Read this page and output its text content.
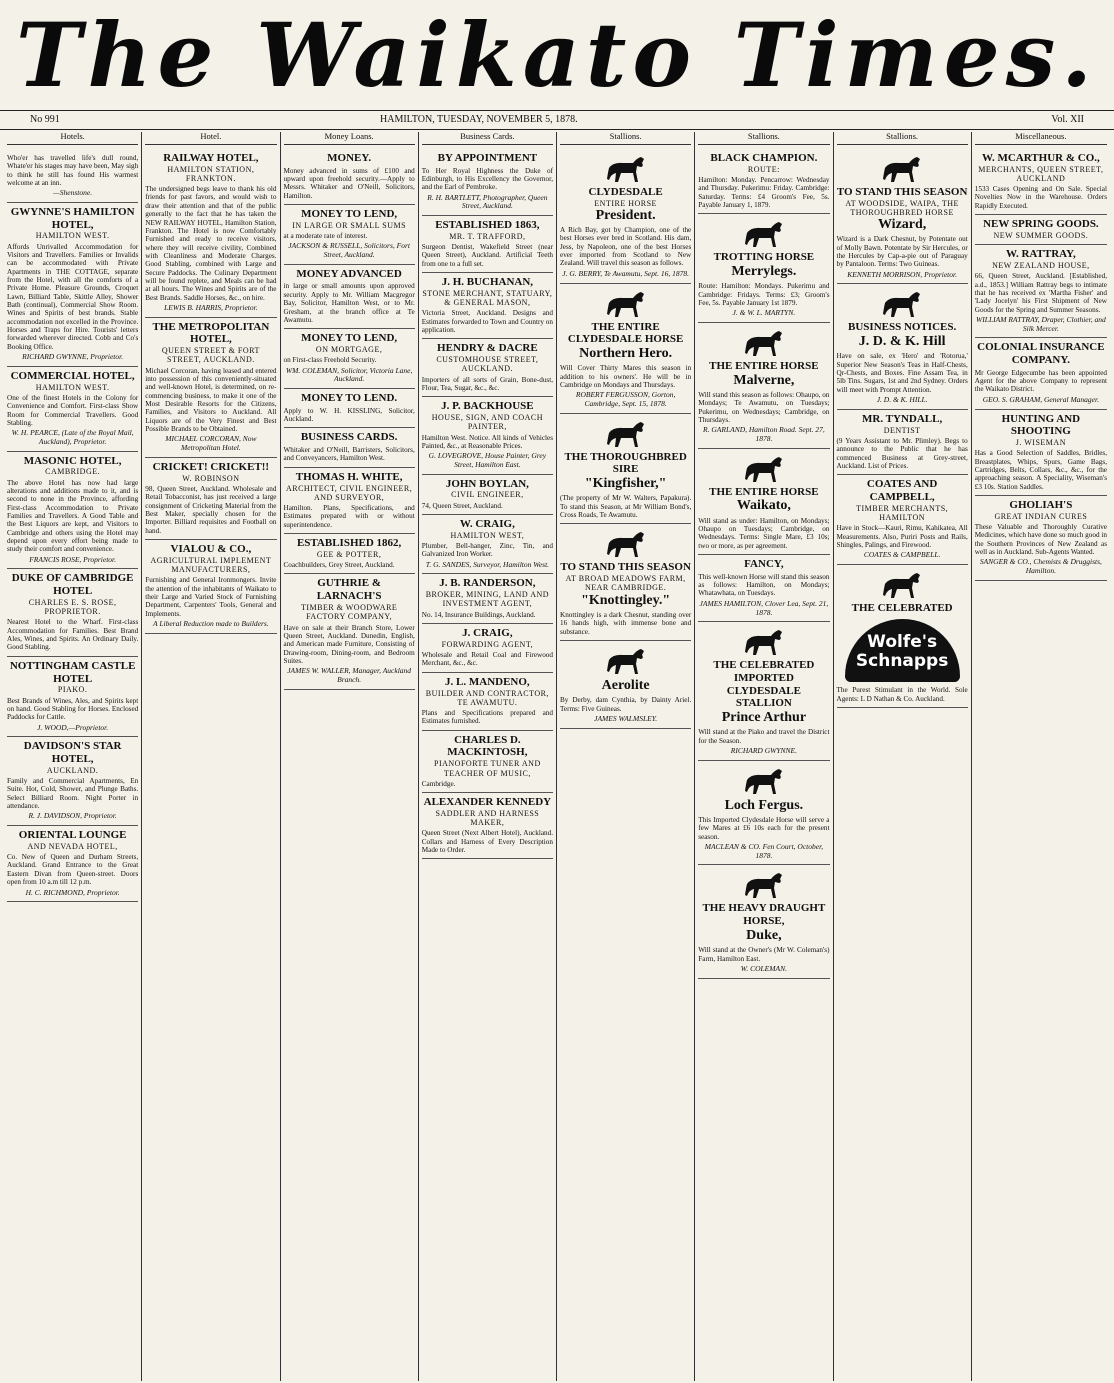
The Waikato Times.
No 991	HAMILTON, TUESDAY, NOVEMBER 5, 1878.	Vol. XII
Hotels.
Who'er has travelled life's dull round, Whate'er his stages may have been, May sigh to think he still has found His warmest welcome at an inn.
—Shenstone.
GWYNNE'S HAMILTON HOTEL,
HAMILTON WEST.
Affords Unrivalled Accommodation for Visitors and Travellers. Families or Invalids can be accommodated with Private Apartments in THE COTTAGE, separate from the Hotel, with all the comforts of a Private Home. Pleasure Grounds, Croquet Lawn, Billiard Table, Skittle Alley, Shower Bath (continual), Commercial Show Room. Wines and Spirits of best brands. Stable accommodation not excelled in the Province. Horses and Traps for Hire. Tourists' letters forwarded wherever directed. Cobb and Co's Booking Office.
RICHARD GWYNNE, Proprietor.
COMMERCIAL HOTEL,
HAMILTON WEST.
One of the finest Hotels in the Colony for Convenience and Comfort. First-class Show Room for Commercial Travellers. Good Stabling.
W. H. PEARCE, (Late of the Royal Mail, Auckland), Proprietor.
MASONIC HOTEL,
CAMBRIDGE.
The above Hotel has now had large alterations and additions made to it, and is second to none in the Province, affording First-class Accommodation to Private Families and Travellers. A Good Table and the Best Liquors are kept, and Visitors to Cambridge and others using the Hotel may depend upon every effort being made to study their comfort and convenience.
FRANCIS ROSE, Proprietor.
DUKE OF CAMBRIDGE HOTEL
CHARLES E. S. ROSE, PROPRIETOR.
Nearest Hotel to the Wharf. First-class Accommodation for Families. Best Brand Ales, Wines, and Spirits. An Ordinary Daily. Good Stabling.
NOTTINGHAM CASTLE HOTEL
PIAKO.
Best Brands of Wines, Ales, and Spirits kept on hand. Good Stabling for Horses. Enclosed Paddocks for Cattle.
J. WOOD,—Proprietor.
DAVIDSON'S STAR HOTEL,
AUCKLAND.
Family and Commercial Apartments, En Suite. Hot, Cold, Shower, and Plunge Baths. Select Billiard Room. Night Porter in attendance.
R. J. DAVIDSON, Proprietor.
ORIENTAL LOUNGE
AND NEVADA HOTEL,
Co. New of Queen and Durham Streets, Auckland. Grand Entrance to the Great Eastern Divan from Queen-street. Doors open from 10 a.m till 12 p.m.
H. C. RICHMOND, Proprietor.
Hotel.
RAILWAY HOTEL,
HAMILTON STATION, FRANKTON.
The undersigned begs leave to thank his old friends for past favors, and would wish to draw their attention and that of the public generally to the fact that he has taken the NEW RAILWAY HOTEL, Hamilton Station, Frankton. The Hotel is now Comfortably Furnished and ready to receive visitors, where they will receive civility, Combined with Cleanliness and Moderate Charges. Good Stabling, combined with Large and Secure Paddocks. The Culinary Department will be found replete, and Meals can be had at all hours. The Wines and Spirits are of the Best Brands. Saddle Horses, &c., on hire.
LEWIS B. HARRIS, Proprietor.
THE METROPOLITAN HOTEL,
QUEEN STREET & FORT STREET, AUCKLAND.
Michael Corcoran, having leased and entered into possession of this conveniently-situated and well-known Hotel, is determined, on re-commencing business, to make it one of the Most Desirable Resorts for the Citizens, Families, and Visitors to Auckland. All Liquors are of the Very Finest and Best Possible Brands to be Obtained.
MICHAEL CORCORAN, Now Metropolitan Hotel.
CRICKET! CRICKET!!
W. ROBINSON
98, Queen Street, Auckland. Wholesale and Retail Tobacconist, has just received a large consignment of Cricketing Material from the Best Maker, specially chosen for the Importer. Billiard requisites and Football on hand.
VIALOU & CO.,
AGRICULTURAL IMPLEMENT MANUFACTURERS,
Furnishing and General Ironmongers. Invite the attention of the inhabitants of Waikato to their Large and Varied Stock of Furnishing Department, Carpenters' Tools, General and Implements.
A Liberal Reduction made to Builders.
Money Loans.
MONEY.
Money advanced in sums of £100 and upward upon freehold security.—Apply to Messrs. Whitaker and O'Neill, Solicitors, Hamilton.
MONEY TO LEND,
IN LARGE OR SMALL SUMS
at a moderate rate of interest.
JACKSON & RUSSELL, Solicitors, Fort Street, Auckland.
MONEY ADVANCED
in large or small amounts upon approved security. Apply to Mr. William Macgregor Bay, Solicitor, Hamilton West, or to Mr. Gresham, at the branch office at Te Awamutu.
MONEY TO LEND,
ON MORTGAGE,
on First-class Freehold Security.
WM. COLEMAN, Solicitor, Victoria Lane, Auckland.
MONEY TO LEND.
Apply to W. H. KISSLING, Solicitor, Auckland.
BUSINESS CARDS.
Whitaker and O'Neill, Barristers, Solicitors, and Conveyancers, Hamilton West.
THOMAS H. WHITE,
ARCHITECT, CIVIL ENGINEER, AND SURVEYOR,
Hamilton. Plans, Specifications, and Estimates prepared with or without superintendence.
ESTABLISHED 1862,
GEE & POTTER,
Coachbuilders, Grey Street, Auckland.
GUTHRIE & LARNACH'S
TIMBER & WOODWARE FACTORY COMPANY,
Have on sale at their Branch Store, Lower Queen Street, Auckland. Dunedin, English, and American made Furniture, Consisting of Drawing-room, Dining-room, and Bedroom Suites.
JAMES W. WALLER, Manager, Auckland Branch.
Business Cards.
BY APPOINTMENT
To Her Royal Highness the Duke of Edinburgh, to His Excellency the Governor, and the Earl of Pembroke.
R. H. BARTLETT, Photographer, Queen Street, Auckland.
ESTABLISHED 1863,
MR. T. TRAFFORD,
Surgeon Dentist, Wakefield Street (near Queen Street), Auckland. Artificial Teeth from one to a full set.
J. H. BUCHANAN,
STONE MERCHANT, STATUARY, & GENERAL MASON,
Victoria Street, Auckland. Designs and Estimates forwarded to Town and Country on application.
HENDRY & DACRE
CUSTOMHOUSE STREET, AUCKLAND.
Importers of all sorts of Grain, Bone-dust, Flour, Tea, Sugar, &c., &c.
J. P. BACKHOUSE
HOUSE, SIGN, AND COACH PAINTER,
Hamilton West. Notice. All kinds of Vehicles Painted, &c., at Reasonable Prices.
G. LOVEGROVE, House Painter, Grey Street, Hamilton East.
JOHN BOYLAN,
CIVIL ENGINEER,
74, Queen Street, Auckland.
W. CRAIG,
HAMILTON WEST,
Plumber, Bell-hanger, Zinc, Tin, and Galvanized Iron Worker.
T. G. SANDES, Surveyor, Hamilton West.
J. B. RANDERSON,
BROKER, MINING, LAND AND INVESTMENT AGENT,
No. 14, Insurance Buildings, Auckland.
J. CRAIG,
FORWARDING AGENT,
Wholesale and Retail Coal and Firewood Merchant, &c., &c.
J. L. MANDENO,
BUILDER AND CONTRACTOR, TE AWAMUTU.
Plans and Specifications prepared and Estimates furnished.
CHARLES D. MACKINTOSH,
PIANOFORTE TUNER AND TEACHER OF MUSIC,
Cambridge.
ALEXANDER KENNEDY
SADDLER AND HARNESS MAKER,
Queen Street (Next Albert Hotel), Auckland. Collars and Harness of Every Description Made to Order.
Stallions.
CLYDESDALE
ENTIRE HORSE
President.
A Rich Bay, got by Champion, one of the best Horses ever bred in Scotland. His dam, Jess, by Napoleon, one of the best Horses ever imported from Scotland to New Zealand. Will travel this season as follows.
J. G. BERRY, Te Awamutu, Sept. 16, 1878.
THE ENTIRE CLYDESDALE HORSE
Northern Hero.
Will Cover Thirty Mares this season in addition to his owners'. He will be in Cambridge on Mondays and Thursdays.
ROBERT FERGUSSON, Gorton, Cambridge, Sept. 15, 1878.
THE THOROUGHBRED SIRE
"Kingfisher,"
(The property of Mr W. Walters, Papakura). To stand this Season, at Mr William Bond's, Cross Roads, Te Awamutu.
TO STAND THIS SEASON
AT BROAD MEADOWS FARM, NEAR CAMBRIDGE.
"Knottingley."
Knottingley is a dark Chesnut, standing over 16 hands high, with immense bone and substance.
Aerolite
By Derby, dam Cynthia, by Dainty Ariel. Terms: Five Guineas.
JAMES WALMSLEY.
Stallions.
BLACK CHAMPION.
ROUTE:
Hamilton: Monday. Pencarrow: Wednesday and Thursday. Pukerimu: Friday. Cambridge: Saturday. Terms: £4 Groom's Fee, 5s. Payable January 1, 1879.
TROTTING HORSE
Merrylegs.
Route: Hamilton: Mondays. Pukerimu and Cambridge: Fridays. Terms: £3; Groom's Fee, 5s. Payable January 1st 1879.
J. & W. L. MARTYN.
THE ENTIRE HORSE
Malvernе,
Will stand this season as follows: Ohaupo, on Mondays; Te Awamutu, on Tuesdays; Pukerimu, on Wednesdays; Cambridge, on Thursdays.
R. GARLAND, Hamilton Road. Sept. 27, 1878.
THE ENTIRE HORSE
Waikato,
Will stand as under: Hamilton, on Mondays; Ohaupo on Tuesdays; Cambridge, on Wednesdays. Terms: Single Mare, £3 10s; two or more, as per agreement.
FANCY,
This well-known Horse will stand this season as follows: Hamilton, on Mondays; Whatawhata, on Tuesdays.
JAMES HAMILTON, Clover Lea, Sept. 21, 1878.
THE CELEBRATED IMPORTED CLYDESDALE STALLION
Prince Arthur
Will stand at the Piako and travel the District for the Season.
RICHARD GWYNNE.
Loch Fergus.
This Imported Clydesdale Horse will serve a few Mares at £6 10s each for the present season.
MACLEAN & CO. Fen Court, October, 1878.
THE HEAVY DRAUGHT HORSE,
Duke,
Will stand at the Owner's (Mr W. Coleman's) Farm, Hamilton East.
W. COLEMAN.
Stallions.
TO STAND THIS SEASON
AT WOODSIDE, WAIPA, THE THOROUGHBRED HORSE
Wizard,
Wizard is a Dark Chesnut, by Potentate out of Molly Bawn. Potentate by Sir Hercules, or the Hercules by Cap-a-pie out of Paraguay by Pantaloon. Terms: Two Guineas.
KENNETH MORRISON, Proprietor.
BUSINESS NOTICES.
J. D. & K. Hill
Have on sale, ex 'Hero' and 'Rotorua,' Superior New Season's Teas in Half-Chests, Qr-Chests, and Boxes. Fine Assam Tea, in 5lb Tins. Sugars, 1st and 2nd Sydney. Orders will meet with Prompt Attention.
J. D. & K. HILL.
MR. TYNDALL,
DENTIST
(9 Years Assistant to Mr. Plimley). Begs to announce to the Public that he has commenced Business at Grey-street, Auckland. List of Prices.
COATES AND CAMPBELL,
TIMBER MERCHANTS, HAMILTON
Have in Stock—Kauri, Rimu, Kahikatea, All Measurements. Also, Puriri Posts and Rails, Shingles, Palings, and Firewood.
COATES & CAMPBELL.
THE CELEBRATED
Wolfe's Schnapps
The Purest Stimulant in the World. Sole Agents: L D Nathan & Co. Auckland.
Miscellaneous.
W. MCARTHUR & CO.,
MERCHANTS, QUEEN STREET, AUCKLAND
1533 Cases Opening and On Sale. Special Novelties Now in the Warehouse. Orders Rapidly Executed.
NEW SPRING GOODS.
NEW SUMMER GOODS.
W. RATTRAY,
NEW ZEALAND HOUSE,
66, Queen Street, Auckland. [Established, a.d., 1853.] William Rattray begs to intimate that he has received ex 'Martha Fisher' and 'Lady Jocelyn' his First Shipment of New Goods for the Spring and Summer Seasons.
WILLIAM RATTRAY, Draper, Clothier, and Silk Mercer.
COLONIAL INSURANCE COMPANY.
Mr George Edgecumbe has been appointed Agent for the above Company to represent the Waikato District.
GEO. S. GRAHAM, General Manager.
HUNTING AND SHOOTING
J. WISEMAN
Has a Good Selection of Saddles, Bridles, Breastplates, Whips, Spurs, Game Bags, Cartridges, Belts, Collars, &c., &c., for the approaching season. A Speciality, Wiseman's £3 10s. Station Saddles.
GHOLIAH'S
GREAT INDIAN CURES
These Valuable and Thoroughly Curative Medicines, which have done so much good in the Southern Provinces of New Zealand as well as in Auckland. Sub-Agents Wanted.
SANGER & CO., Chemists & Druggists, Hamilton.
